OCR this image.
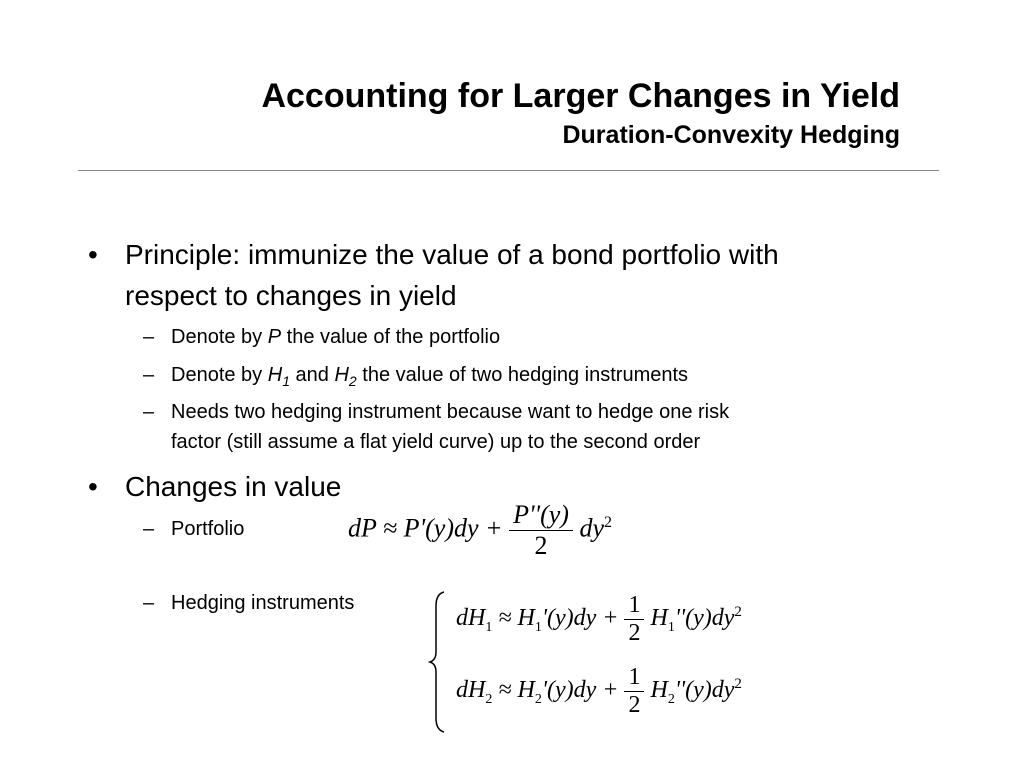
Accounting for Larger Changes in Yield
Duration-Convexity Hedging
• Principle: immunize the value of a bond portfolio with
respect to changes in yield
– Denote by P the value of the portfolio
– Denote by $H_1$ and $H_2$ the value of two hedging instruments
– Needs two hedging instrument because want to hedge one risk
factor (still assume a flat yield curve) up to the second order
• Changes in value
– Portfolio
– Hedging instruments
dP ≈ $P'(y)dy + \frac{P''(y)}{2} dy^2$
$dH_1 \approx H_1'(y)dy + \frac{1}{2} H_1''(y)dy^2$
$dH_2 \approx H_2'(y)dy + \frac{1}{2} H_2''(y)dy^2$
